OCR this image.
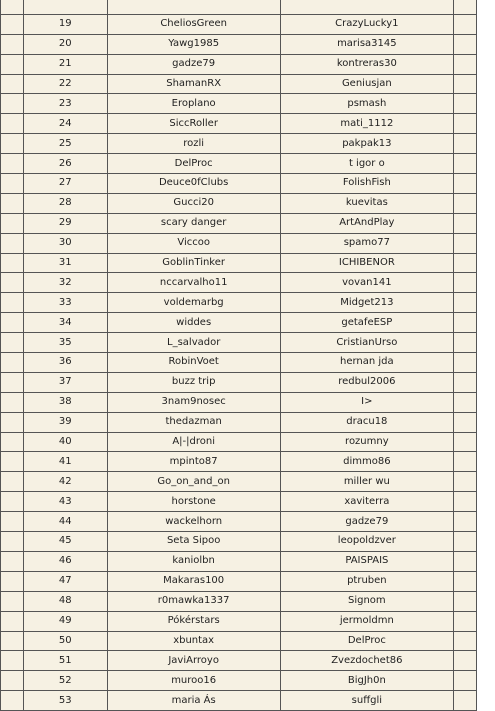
	19	CheliosGreen	CrazyLucky1	
	20	Yawg1985	marisa3145	
	21	gadze79	kontreras30	
	22	ShamanRX	Geniusjan	
	23	Eroplano	psmash	
	24	SiccRoller	mati_1112	
	25	rozli	pakpak13	
	26	DelProc	t igor o	
	27	Deuce0fClubs	FolishFish	
	28	Gucci20	kuevitas	
	29	scary danger	ArtAndPlay	
	30	Viccoo	spamo77	
	31	GoblinTinker	ICHIBENOR	
	32	nccarvalho11	vovan141	
	33	voldemarbg	Midget213	
	34	widdes	getafeESP	
	35	L_salvador	CristianUrso	
	36	RobinVoet	hernan jda	
	37	buzz trip	redbul2006	
	38	3nam9nosec	I>	
	39	thedazman	dracu18	
	40	A|-|droni	rozumny	
	41	mpinto87	dimmo86	
	42	Go_on_and_on	miller wu	
	43	horstone	xaviterra	
	44	wackelhorn	gadze79	
	45	Seta Sipoo	leopoldzver	
	46	kaniolbn	PAISPAIS	
	47	Makaras100	ptruben	
	48	r0mawka1337	Signom	
	49	Pókérstars	jermoldmn	
	50	xbuntax	DelProc	
	51	JaviArroyo	Zvezdochet86	
	52	muroo16	BigJh0n	
	53	maria Ás	suffgli	
